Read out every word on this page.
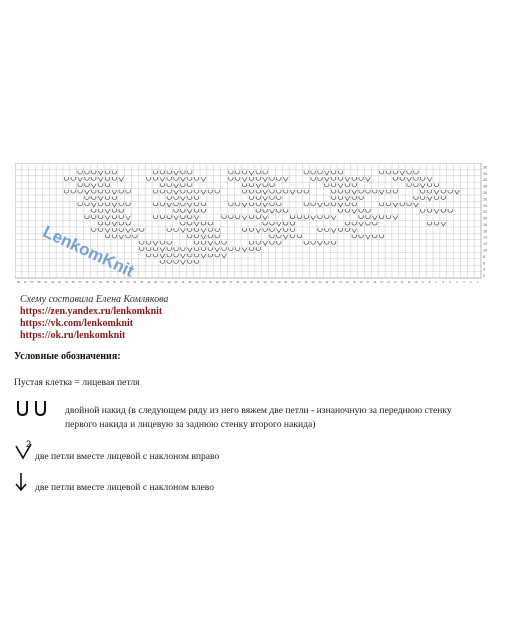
36
34
32
30
28
26
24
22
20
18
16
14
12
10
8
6
4
2
68 67 66 65 64 63 62 61 60 59 58 57 56 55 54 53 52 51 50 49 48 47 46 45 44 43 42 41 40 39 38 37 36 35 34 33 32 31 30 29 28 27 26 25 24 23 22 21 20 19 18 17 16 15 14 13 12 11 10 9 8 7 6 5 4 3 2 1
LenkomKnit
Схему составила Елена Комлякова
https://zen.yandex.ru/lenkomknit
https://vk.com/lenkomknit
https://ok.ru/lenkomknit
Условные обозначения:
Пустая клетка = лицевая петля
двойной накид (в следующем ряду из него вяжем две петли - изнаночную за переднюю стенку первого накида и лицевую за заднюю стенку второго накида)
2
две петли вместе лицевой с наклоном вправо
две петли вместе лицевой с наклоном влево
